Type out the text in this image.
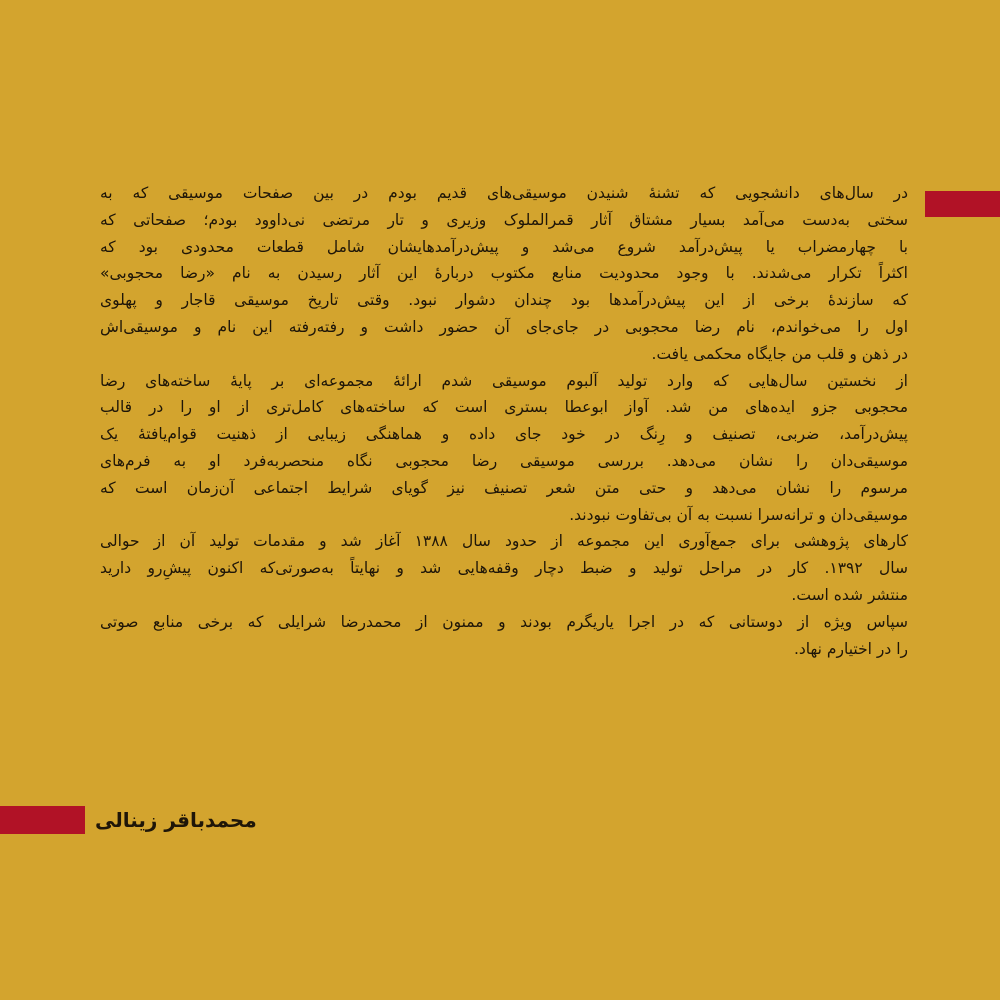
در سال‌های دانشجویی که تشنهٔ شنیدن موسیقی‌های قدیم بودم در بین صفحات موسیقی که به
سختی به‌دست می‌آمد بسیار مشتاق آثار قمرالملوک وزیری و تار مرتضی نی‌داوود بودم؛ صفحاتی که
با چهارمضراب یا پیش‌درآمد شروع می‌شد و پیش‌درآمدهایشان شامل قطعات محدودی بود که
اکثراً تکرار می‌شدند. با وجود محدودیت منابع مکتوب دربارهٔ این آثار رسیدن به نام «رضا محجوبی»
که سازندهٔ برخی از این پیش‌درآمدها بود چندان دشوار نبود. وقتی تاریخ موسیقی قاجار و پهلوی
اول را می‌خواندم، نام رضا محجوبی در جای‌جای آن حضور داشت و رفته‌رفته این نام و موسیقی‌اش
در ذهن و قلب من جایگاه محکمی یافت.
از نخستین سال‌هایی که وارد تولید آلبوم موسیقی شدم ارائهٔ مجموعه‌ای بر پایهٔ ساخته‌های رضا
محجوبی جزو ایده‌های من شد. آواز ابوعطا بستری است که ساخته‌های کامل‌تری از او را در قالب
پیش‌درآمد، ضربی، تصنیف و رِنگ در خود جای داده و هماهنگی زیبایی از ذهنیت قوام‌یافتهٔ یک
موسیقی‌دان را نشان می‌دهد. بررسی موسیقی رضا محجوبی نگاه منحصربه‌فرد او به فرم‌های
مرسوم را نشان می‌دهد و حتی متن شعر تصنیف نیز گویای شرایط اجتماعی آن‌زمان است که
موسیقی‌دان و ترانه‌سرا نسبت به آن بی‌تفاوت نبودند.
کارهای پژوهشی برای جمع‌آوری این مجموعه از حدود سال ۱۳۸۸ آغاز شد و مقدمات تولید آن از حوالی
سال ۱۳۹۲. کار در مراحل تولید و ضبط دچار وقفه‌هایی شد و نهایتاً به‌صورتی‌که اکنون پیش‌ِرو دارید
منتشر شده است.
سپاس ویژه از دوستانی که در اجرا یاریگرم بودند و ممنون از محمدرضا شرایلی که برخی منابع صوتی
را در اختیارم نهاد.
محمدباقر زینالی
